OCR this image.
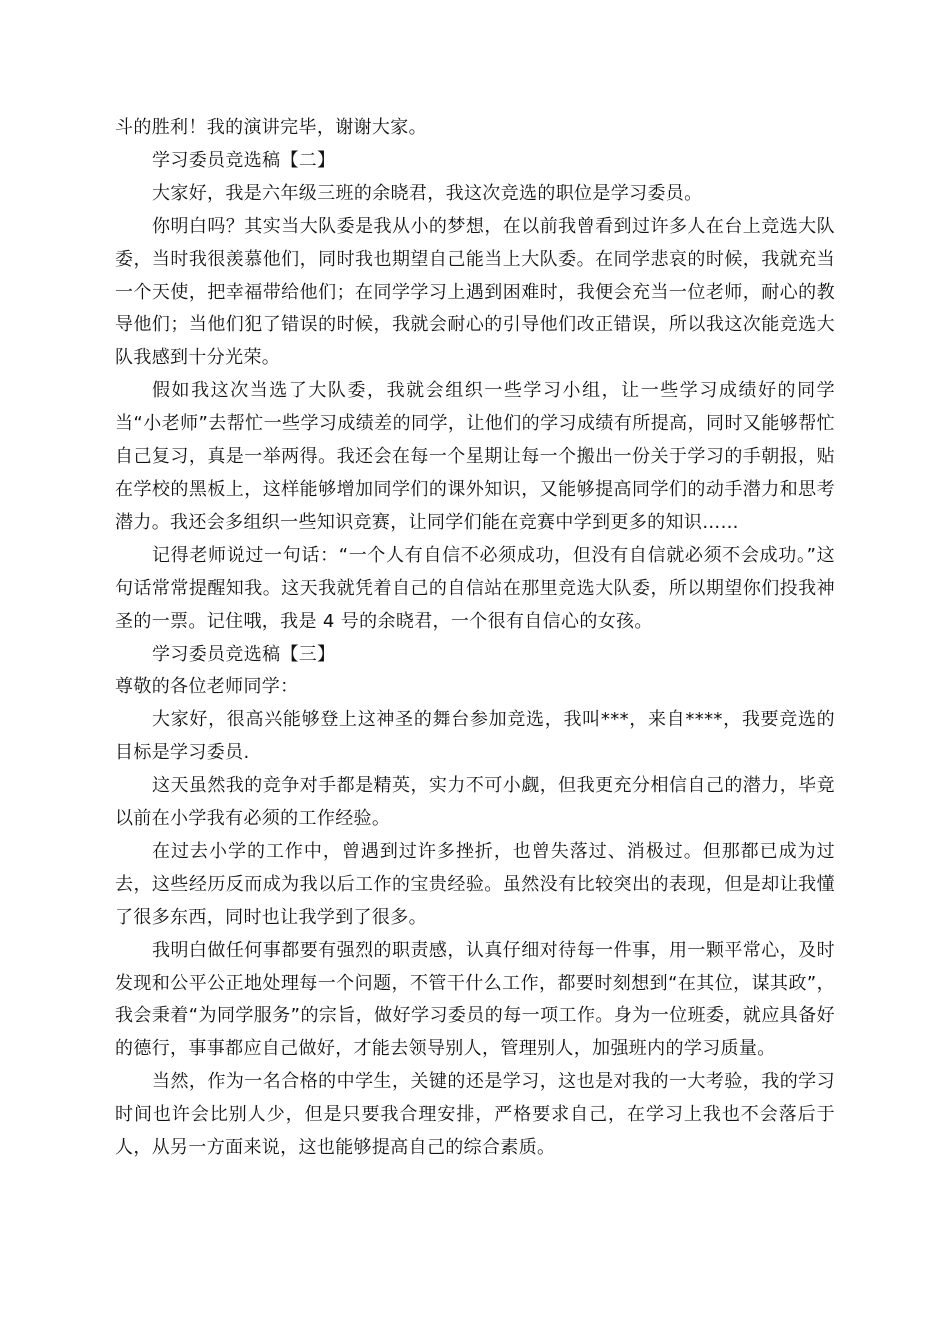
斗的胜利！我的演讲完毕，谢谢大家。

学习委员竞选稿【二】

大家好，我是六年级三班的余晓君，我这次竞选的职位是学习委员。

你明白吗？其实当大队委是我从小的梦想，在以前我曾看到过许多人在台上竞选大队委，当时我很羡慕他们，同时我也期望自己能当上大队委。在同学悲哀的时候，我就充当一个天使，把幸福带给他们；在同学学习上遇到困难时，我便会充当一位老师，耐心的教导他们；当他们犯了错误的时候，我就会耐心的引导他们改正错误，所以我这次能竞选大队我感到十分光荣。

假如我这次当选了大队委，我就会组织一些学习小组，让一些学习成绩好的同学当“小老师”去帮忙一些学习成绩差的同学，让他们的学习成绩有所提高，同时又能够帮忙自己复习，真是一举两得。我还会在每一个星期让每一个搬出一份关于学习的手朝报，贴在学校的黑板上，这样能够增加同学们的课外知识，又能够提高同学们的动手潜力和思考潜力。我还会多组织一些知识竞赛，让同学们能在竞赛中学到更多的知识……

记得老师说过一句话：“一个人有自信不必须成功，但没有自信就必须不会成功。”这句话常常提醒知我。这天我就凭着自己的自信站在那里竞选大队委，所以期望你们投我神圣的一票。记住哦，我是 4 号的余晓君，一个很有自信心的女孩。

学习委员竞选稿【三】

尊敬的各位老师同学：

大家好，很高兴能够登上这神圣的舞台参加竞选，我叫***，来自****，我要竞选的目标是学习委员.

这天虽然我的竞争对手都是精英，实力不可小觑，但我更充分相信自己的潜力，毕竟以前在小学我有必须的工作经验。

在过去小学的工作中，曾遇到过许多挫折，也曾失落过、消极过。但那都已成为过去，这些经历反而成为我以后工作的宝贵经验。虽然没有比较突出的表现，但是却让我懂了很多东西，同时也让我学到了很多。

我明白做任何事都要有强烈的职责感，认真仔细对待每一件事，用一颗平常心，及时发现和公平公正地处理每一个问题，不管干什么工作，都要时刻想到“在其位，谋其政”，我会秉着“为同学服务”的宗旨，做好学习委员的每一项工作。身为一位班委，就应具备好的德行，事事都应自己做好，才能去领导别人，管理别人，加强班内的学习质量。

当然，作为一名合格的中学生，关键的还是学习，这也是对我的一大考验，我的学习时间也许会比别人少，但是只要我合理安排，严格要求自己，在学习上我也不会落后于人，从另一方面来说，这也能够提高自己的综合素质。
